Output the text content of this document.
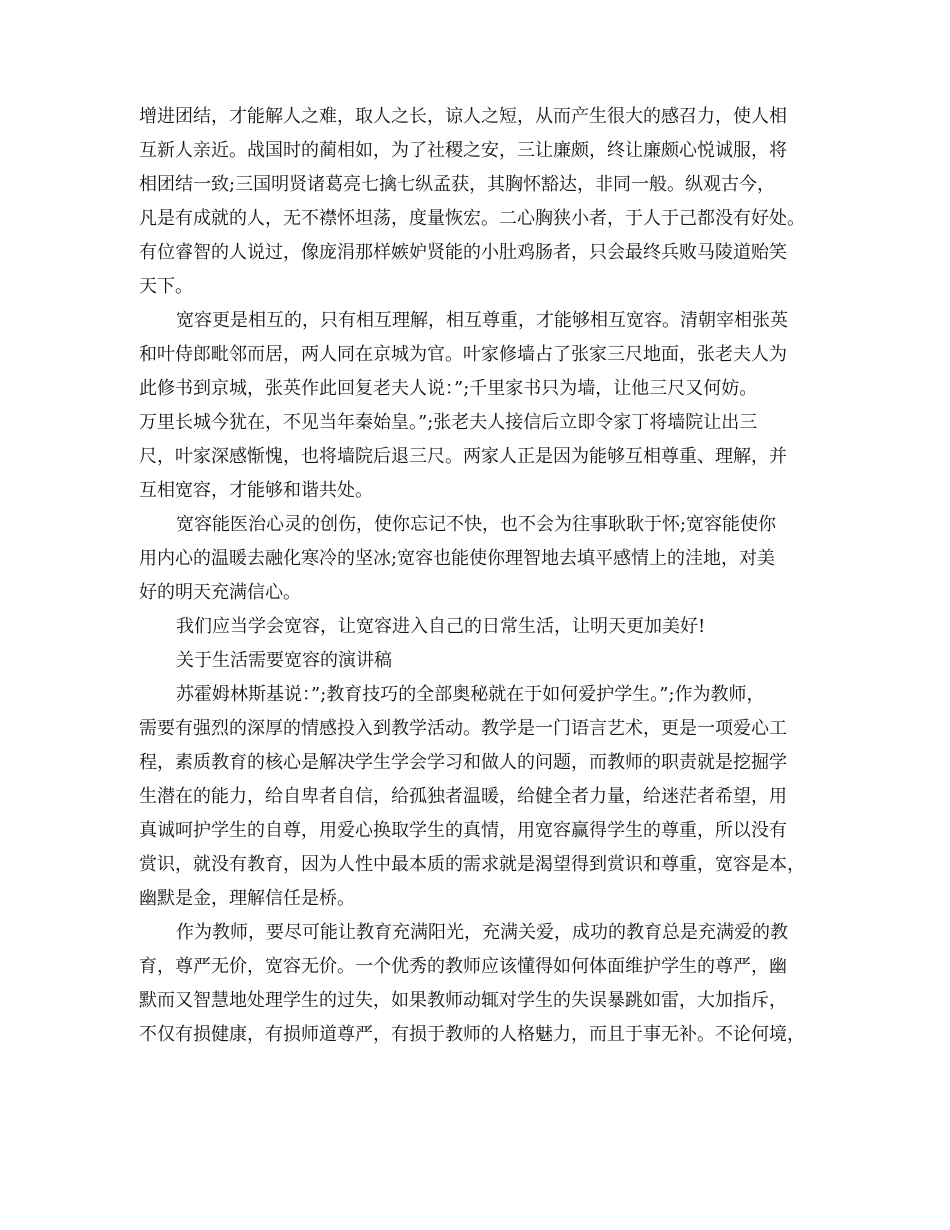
增进团结，才能解人之难，取人之长，谅人之短，从而产生很大的感召力，使人相
互新人亲近。战国时的蔺相如，为了社稷之安，三让廉颇，终让廉颇心悦诚服，将
相团结一致;三国明贤诸葛亮七擒七纵孟获，其胸怀豁达，非同一般。纵观古今，
凡是有成就的人，无不襟怀坦荡，度量恢宏。二心胸狭小者，于人于己都没有好处。
有位睿智的人说过，像庞涓那样嫉妒贤能的小肚鸡肠者，只会最终兵败马陵道贻笑
天下。
宽容更是相互的，只有相互理解，相互尊重，才能够相互宽容。清朝宰相张英
和叶侍郎毗邻而居，两人同在京城为官。叶家修墙占了张家三尺地面，张老夫人为
此修书到京城，张英作此回复老夫人说：”;千里家书只为墙，让他三尺又何妨。
万里长城今犹在，不见当年秦始皇。”;张老夫人接信后立即令家丁将墙院让出三
尺，叶家深感惭愧，也将墙院后退三尺。两家人正是因为能够互相尊重、理解，并
互相宽容，才能够和谐共处。
宽容能医治心灵的创伤，使你忘记不快，也不会为往事耿耿于怀;宽容能使你
用内心的温暖去融化寒冷的坚冰;宽容也能使你理智地去填平感情上的洼地，对美
好的明天充满信心。
我们应当学会宽容，让宽容进入自己的日常生活，让明天更加美好!
关于生活需要宽容的演讲稿
苏霍姆林斯基说：”;教育技巧的全部奥秘就在于如何爱护学生。”;作为教师，
需要有强烈的深厚的情感投入到教学活动。教学是一门语言艺术，更是一项爱心工
程，素质教育的核心是解决学生学会学习和做人的问题，而教师的职责就是挖掘学
生潜在的能力，给自卑者自信，给孤独者温暖，给健全者力量，给迷茫者希望，用
真诚呵护学生的自尊，用爱心换取学生的真情，用宽容赢得学生的尊重，所以没有
赏识，就没有教育，因为人性中最本质的需求就是渴望得到赏识和尊重，宽容是本，
幽默是金，理解信任是桥。
作为教师，要尽可能让教育充满阳光，充满关爱，成功的教育总是充满爱的教
育，尊严无价，宽容无价。一个优秀的教师应该懂得如何体面维护学生的尊严，幽
默而又智慧地处理学生的过失，如果教师动辄对学生的失误暴跳如雷，大加指斥，
不仅有损健康，有损师道尊严，有损于教师的人格魅力，而且于事无补。不论何境，
